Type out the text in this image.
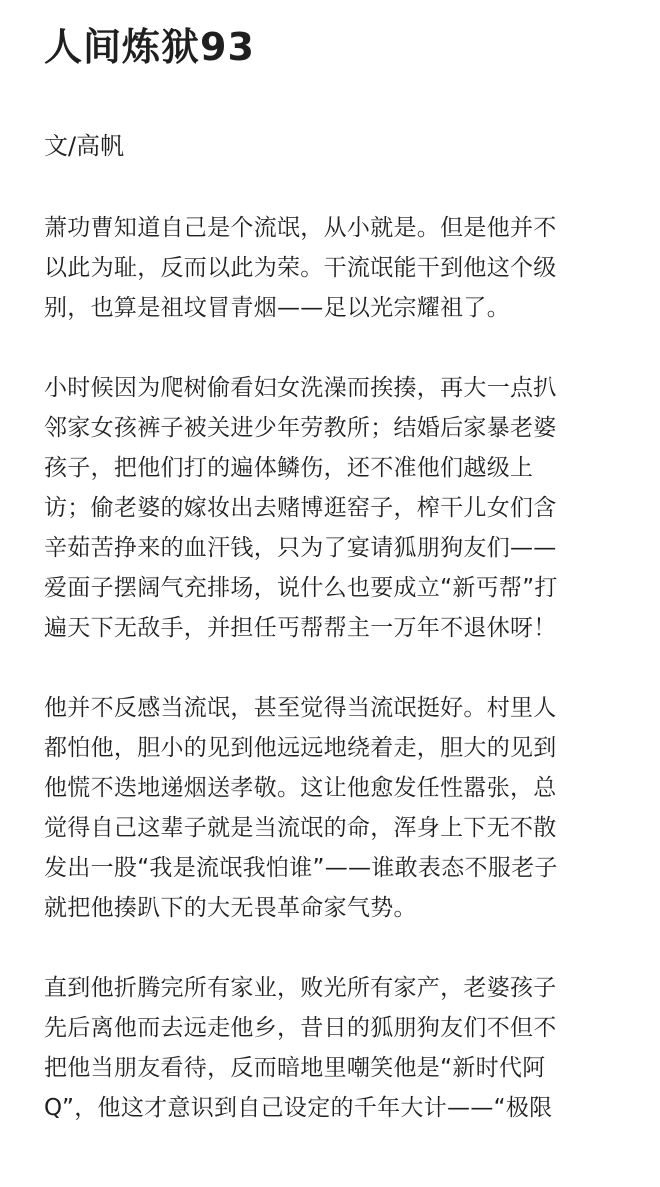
人间炼狱93
文/高帆
萧功曹知道自己是个流氓，从小就是。但是他并不
以此为耻，反而以此为荣。干流氓能干到他这个级
别，也算是祖坟冒青烟——足以光宗耀祖了。
小时候因为爬树偷看妇女洗澡而挨揍，再大一点扒
邻家女孩裤子被关进少年劳教所；结婚后家暴老婆
孩子，把他们打的遍体鳞伤，还不准他们越级上
访；偷老婆的嫁妆出去赌博逛窑子，榨干儿女们含
辛茹苦挣来的血汗钱，只为了宴请狐朋狗友们——
爱面子摆阔气充排场，说什么也要成立“新丐帮”打
遍天下无敌手，并担任丐帮帮主一万年不退休呀！
他并不反感当流氓，甚至觉得当流氓挺好。村里人
都怕他，胆小的见到他远远地绕着走，胆大的见到
他慌不迭地递烟送孝敬。这让他愈发任性嚣张，总
觉得自己这辈子就是当流氓的命，浑身上下无不散
发出一股“我是流氓我怕谁”——谁敢表态不服老子
就把他揍趴下的大无畏革命家气势。
直到他折腾完所有家业，败光所有家产，老婆孩子
先后离他而去远走他乡，昔日的狐朋狗友们不但不
把他当朋友看待，反而暗地里嘲笑他是“新时代阿
Q”，他这才意识到自己设定的千年大计——“极限
